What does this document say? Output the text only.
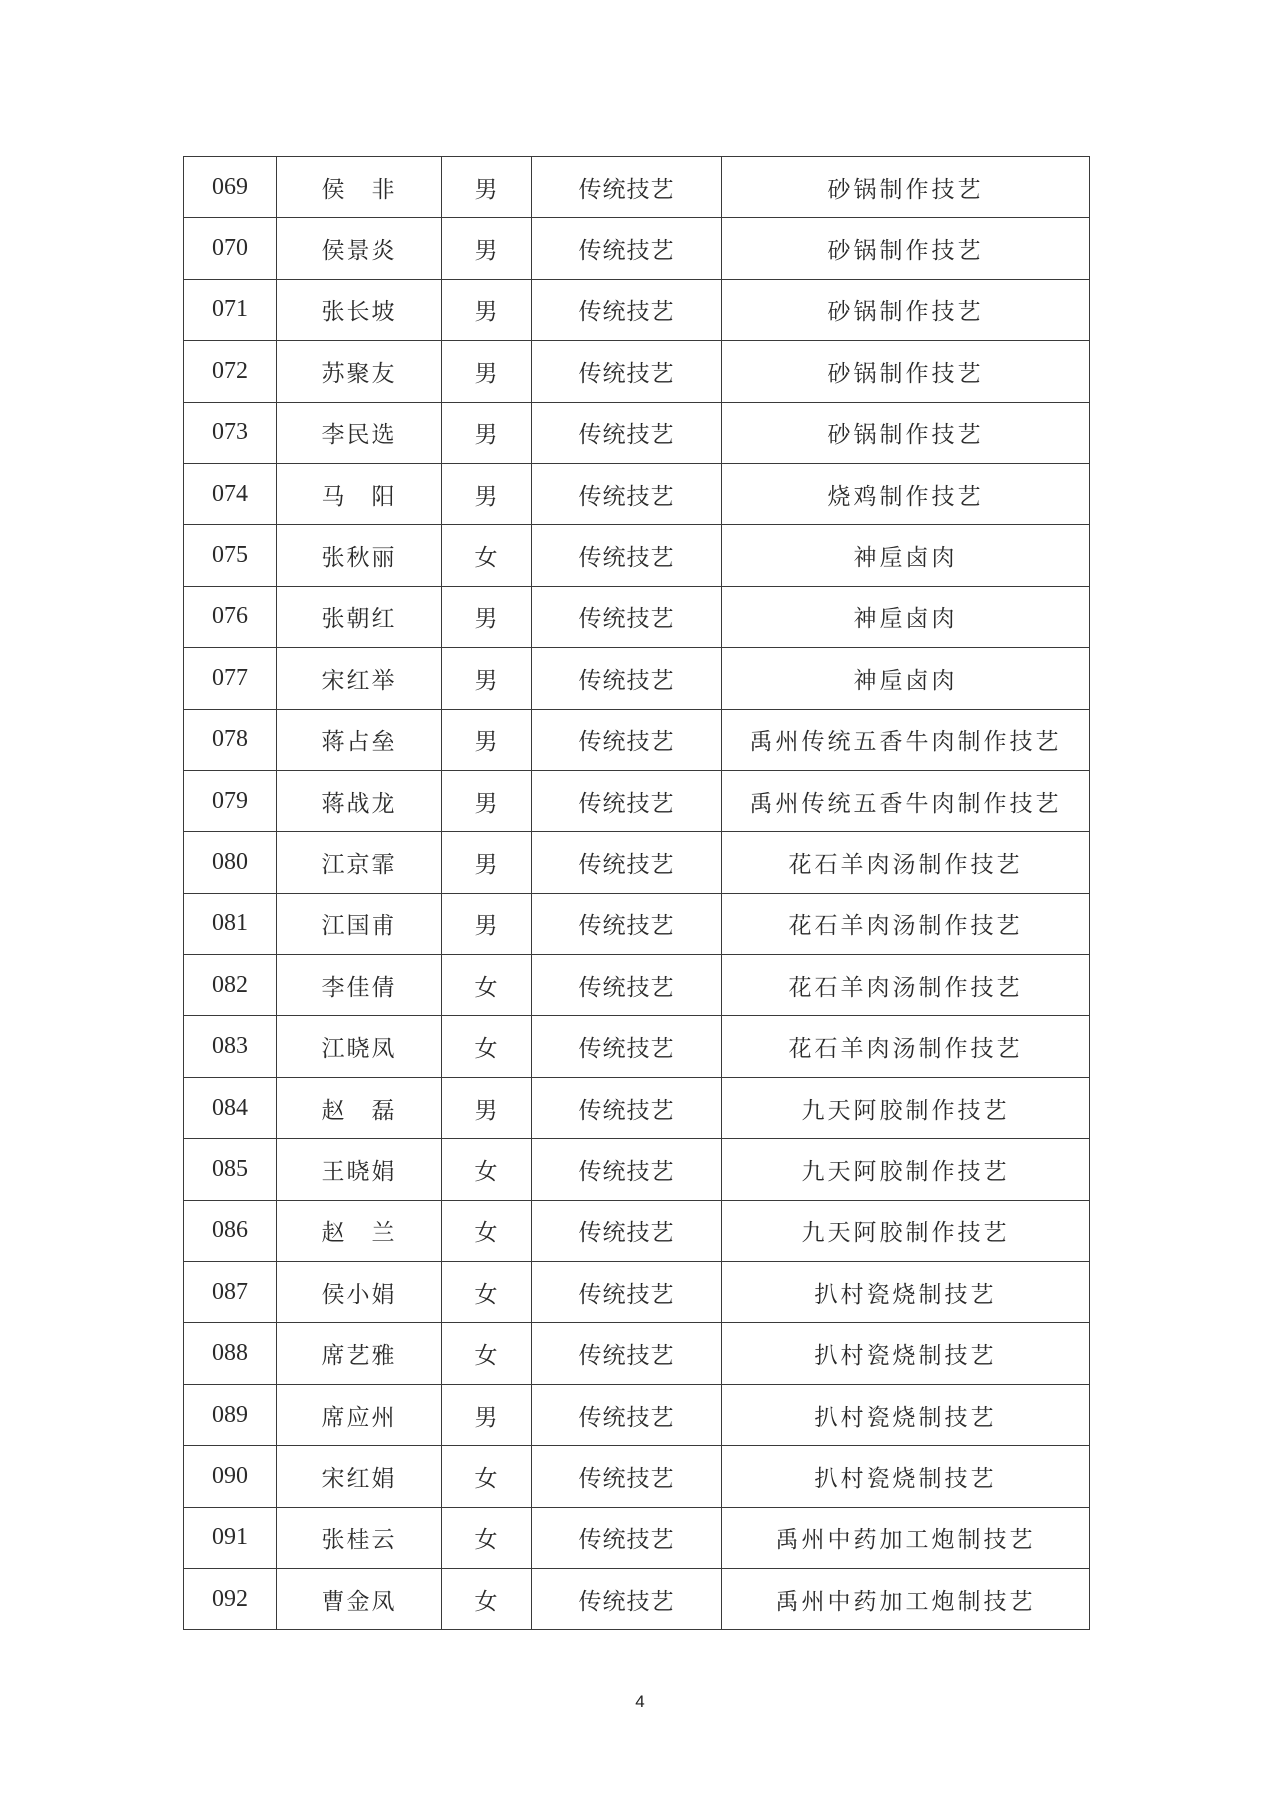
069	侯　非	男	传统技艺	砂锅制作技艺
070	侯景炎	男	传统技艺	砂锅制作技艺
071	张长坡	男	传统技艺	砂锅制作技艺
072	苏聚友	男	传统技艺	砂锅制作技艺
073	李民选	男	传统技艺	砂锅制作技艺
074	马　阳	男	传统技艺	烧鸡制作技艺
075	张秋丽	女	传统技艺	神垕卤肉
076	张朝红	男	传统技艺	神垕卤肉
077	宋红举	男	传统技艺	神垕卤肉
078	蒋占垒	男	传统技艺	禹州传统五香牛肉制作技艺
079	蒋战龙	男	传统技艺	禹州传统五香牛肉制作技艺
080	江京霏	男	传统技艺	花石羊肉汤制作技艺
081	江国甫	男	传统技艺	花石羊肉汤制作技艺
082	李佳倩	女	传统技艺	花石羊肉汤制作技艺
083	江晓凤	女	传统技艺	花石羊肉汤制作技艺
084	赵　磊	男	传统技艺	九天阿胶制作技艺
085	王晓娟	女	传统技艺	九天阿胶制作技艺
086	赵　兰	女	传统技艺	九天阿胶制作技艺
087	侯小娟	女	传统技艺	扒村瓷烧制技艺
088	席艺雅	女	传统技艺	扒村瓷烧制技艺
089	席应州	男	传统技艺	扒村瓷烧制技艺
090	宋红娟	女	传统技艺	扒村瓷烧制技艺
091	张桂云	女	传统技艺	禹州中药加工炮制技艺
092	曹金凤	女	传统技艺	禹州中药加工炮制技艺
4
